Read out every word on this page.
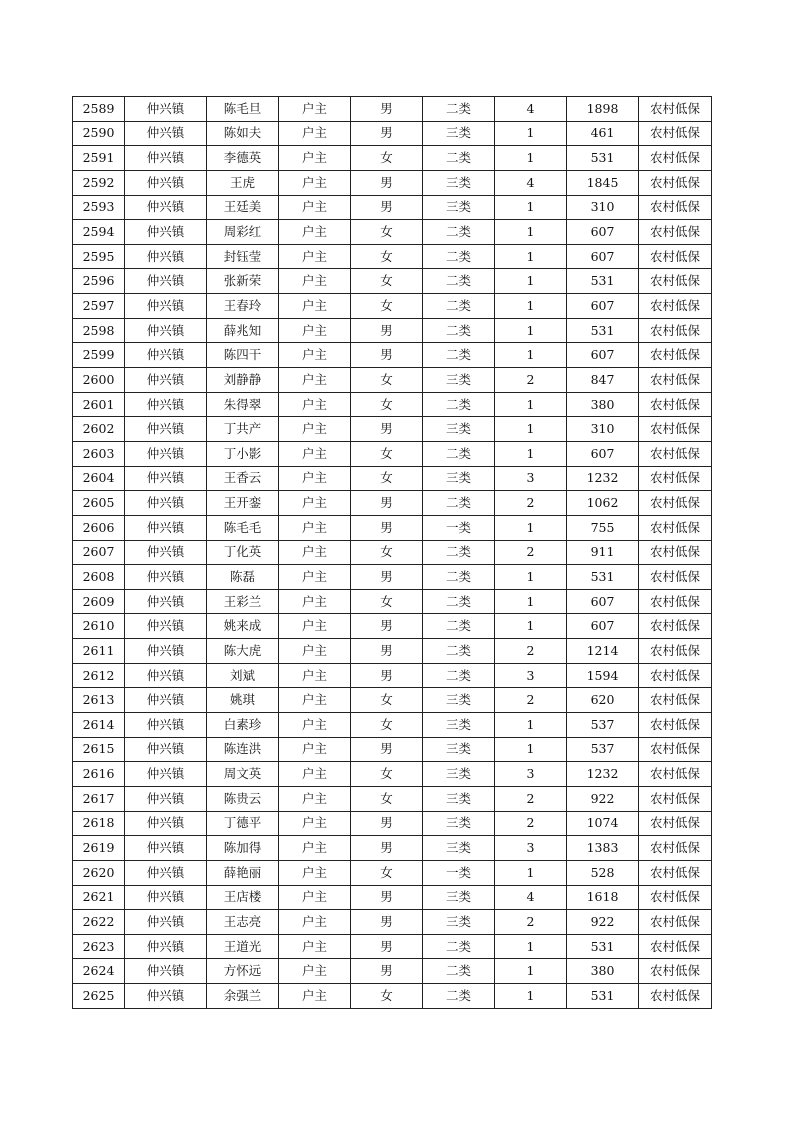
2589	仲兴镇	陈毛旦	户主	男	二类	4	1898	农村低保
2590	仲兴镇	陈如夫	户主	男	三类	1	461	农村低保
2591	仲兴镇	李德英	户主	女	二类	1	531	农村低保
2592	仲兴镇	王虎	户主	男	三类	4	1845	农村低保
2593	仲兴镇	王廷美	户主	男	三类	1	310	农村低保
2594	仲兴镇	周彩红	户主	女	二类	1	607	农村低保
2595	仲兴镇	封钰莹	户主	女	二类	1	607	农村低保
2596	仲兴镇	张新荣	户主	女	二类	1	531	农村低保
2597	仲兴镇	王春玲	户主	女	二类	1	607	农村低保
2598	仲兴镇	薛兆知	户主	男	二类	1	531	农村低保
2599	仲兴镇	陈四干	户主	男	二类	1	607	农村低保
2600	仲兴镇	刘静静	户主	女	三类	2	847	农村低保
2601	仲兴镇	朱得翠	户主	女	二类	1	380	农村低保
2602	仲兴镇	丁共产	户主	男	三类	1	310	农村低保
2603	仲兴镇	丁小影	户主	女	二类	1	607	农村低保
2604	仲兴镇	王香云	户主	女	三类	3	1232	农村低保
2605	仲兴镇	王开銮	户主	男	二类	2	1062	农村低保
2606	仲兴镇	陈毛毛	户主	男	一类	1	755	农村低保
2607	仲兴镇	丁化英	户主	女	二类	2	911	农村低保
2608	仲兴镇	陈磊	户主	男	二类	1	531	农村低保
2609	仲兴镇	王彩兰	户主	女	二类	1	607	农村低保
2610	仲兴镇	姚来成	户主	男	二类	1	607	农村低保
2611	仲兴镇	陈大虎	户主	男	二类	2	1214	农村低保
2612	仲兴镇	刘斌	户主	男	二类	3	1594	农村低保
2613	仲兴镇	姚琪	户主	女	三类	2	620	农村低保
2614	仲兴镇	白素珍	户主	女	三类	1	537	农村低保
2615	仲兴镇	陈连洪	户主	男	三类	1	537	农村低保
2616	仲兴镇	周文英	户主	女	三类	3	1232	农村低保
2617	仲兴镇	陈贵云	户主	女	三类	2	922	农村低保
2618	仲兴镇	丁德平	户主	男	三类	2	1074	农村低保
2619	仲兴镇	陈加得	户主	男	三类	3	1383	农村低保
2620	仲兴镇	薛艳丽	户主	女	一类	1	528	农村低保
2621	仲兴镇	王店楼	户主	男	三类	4	1618	农村低保
2622	仲兴镇	王志亮	户主	男	三类	2	922	农村低保
2623	仲兴镇	王道光	户主	男	二类	1	531	农村低保
2624	仲兴镇	方怀远	户主	男	二类	1	380	农村低保
2625	仲兴镇	余强兰	户主	女	二类	1	531	农村低保
